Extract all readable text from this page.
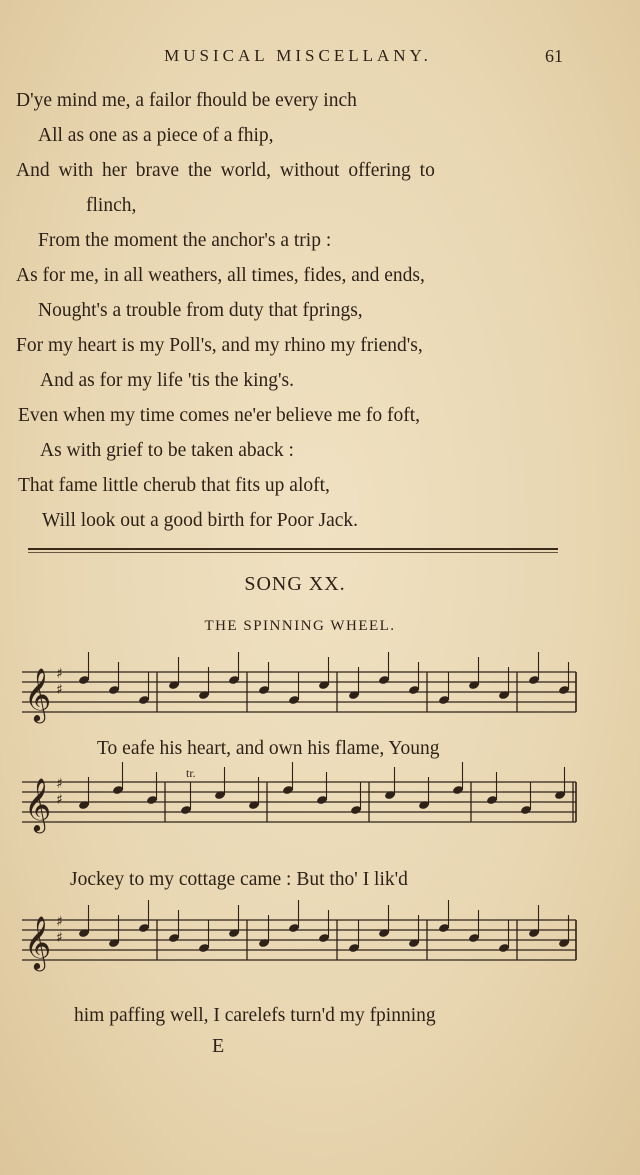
MUSICAL MISCELLANY.	61
D'ye mind me, a failor fhould be every inch
All as one as a piece of a fhip,
And with her brave the world, without offering to
flinch,
From the moment the anchor's a trip :
As for me, in all weathers, all times, fides, and ends,
Nought's a trouble from duty that fprings,
For my heart is my Poll's, and my rhino my friend's,
And as for my life 'tis the king's.
Even when my time comes ne'er believe me fo foft,
As with grief to be taken aback :
That fame little cherub that fits up aloft,
Will look out a good birth for Poor Jack.
SONG XX.
THE SPINNING WHEEL.
𝄞 ♯
♯
𝄞 ♯
♯
𝄞 ♯
♯
tr.
To eafe his heart, and own his flame, Young
Jockey to my cottage came : But tho' I lik'd
him paffing well, I carelefs turn'd my fpinning
E
